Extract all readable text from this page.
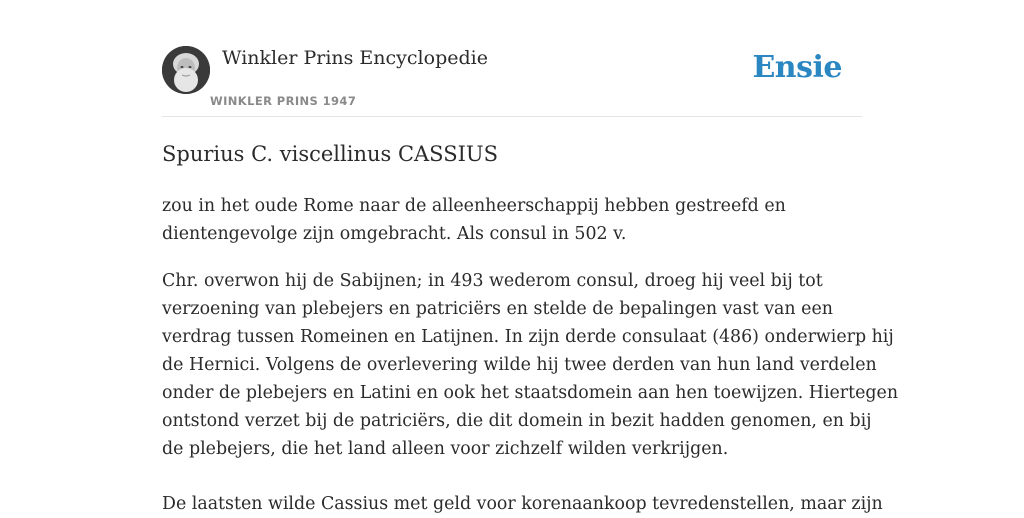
Winkler Prins Encyclopedie
WINKLER PRINS 1947
Ensie
Spurius C. viscellinus CASSIUS

zou in het oude Rome naar de alleenheerschappij hebben gestreefd en
dientengevolge zijn omgebracht. Als consul in 502 v.

Chr. overwon hij de Sabijnen; in 493 wederom consul, droeg hij veel bij tot
verzoening van plebejers en patriciërs en stelde de bepalingen vast van een
verdrag tussen Romeinen en Latijnen. In zijn derde consulaat (486) onderwierp hij
de Hernici. Volgens de overlevering wilde hij twee derden van hun land verdelen
onder de plebejers en Latini en ook het staatsdomein aan hen toewijzen. Hiertegen
ontstond verzet bij de patriciërs, die dit domein in bezit hadden genomen, en bij
de plebejers, die het land alleen voor zichzelf wilden verkrijgen.

De laatsten wilde Cassius met geld voor korenaankoop tevredenstellen, maar zijn
